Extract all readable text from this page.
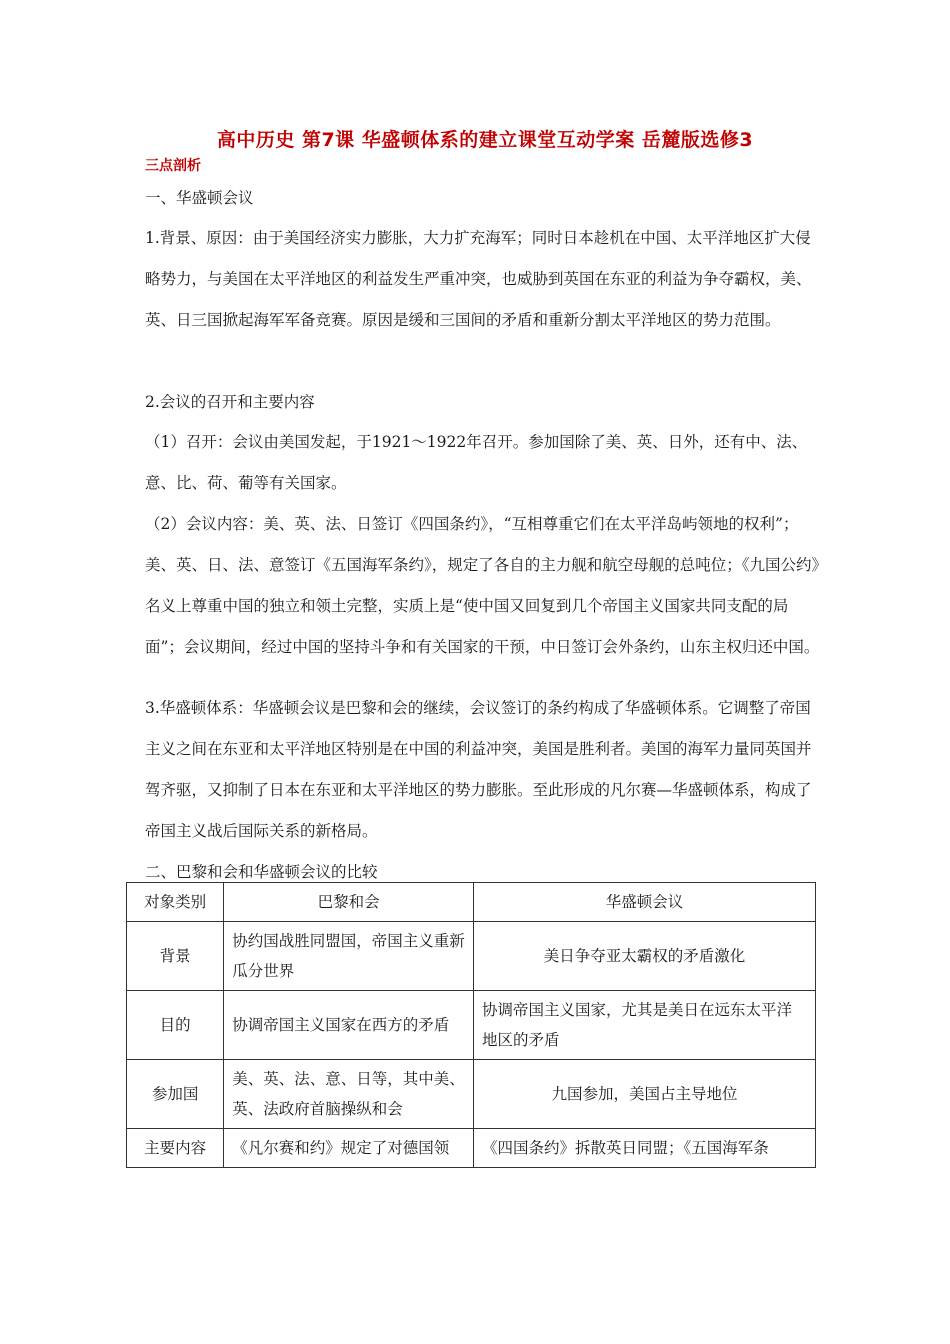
高中历史 第7课 华盛顿体系的建立课堂互动学案 岳麓版选修3
三点剖析

一、华盛顿会议

1.背景、原因：由于美国经济实力膨胀，大力扩充海军；同时日本趁机在中国、太平洋地区扩大侵略势力，与美国在太平洋地区的利益发生严重冲突，也威胁到英国在东亚的利益为争夺霸权，美、英、日三国掀起海军军备竞赛。原因是缓和三国间的矛盾和重新分割太平洋地区的势力范围。

2.会议的召开和主要内容

（1）召开：会议由美国发起，于1921～1922年召开。参加国除了美、英、日外，还有中、法、意、比、荷、葡等有关国家。

（2）会议内容：美、英、法、日签订《四国条约》，“互相尊重它们在太平洋岛屿领地的权利”；美、英、日、法、意签订《五国海军条约》，规定了各自的主力舰和航空母舰的总吨位；《九国公约》名义上尊重中国的独立和领土完整，实质上是“使中国又回复到几个帝国主义国家共同支配的局面”；会议期间，经过中国的坚持斗争和有关国家的干预，中日签订会外条约，山东主权归还中国。

3.华盛顿体系：华盛顿会议是巴黎和会的继续，会议签订的条约构成了华盛顿体系。它调整了帝国主义之间在东亚和太平洋地区特别是在中国的利益冲突，美国是胜利者。美国的海军力量同英国并驾齐驱，又抑制了日本在东亚和太平洋地区的势力膨胀。至此形成的凡尔赛—华盛顿体系，构成了帝国主义战后国际关系的新格局。

二、巴黎和会和华盛顿会议的比较

对象类别	巴黎和会	华盛顿会议
背景	协约国战胜同盟国，帝国主义重新瓜分世界	美日争夺亚太霸权的矛盾激化
目的	协调帝国主义国家在西方的矛盾	协调帝国主义国家，尤其是美日在远东太平洋地区的矛盾
参加国	美、英、法、意、日等，其中美、英、法政府首脑操纵和会	九国参加，美国占主导地位
主要内容	《凡尔赛和约》规定了对德国领	《四国条约》拆散英日同盟；《五国海军条
